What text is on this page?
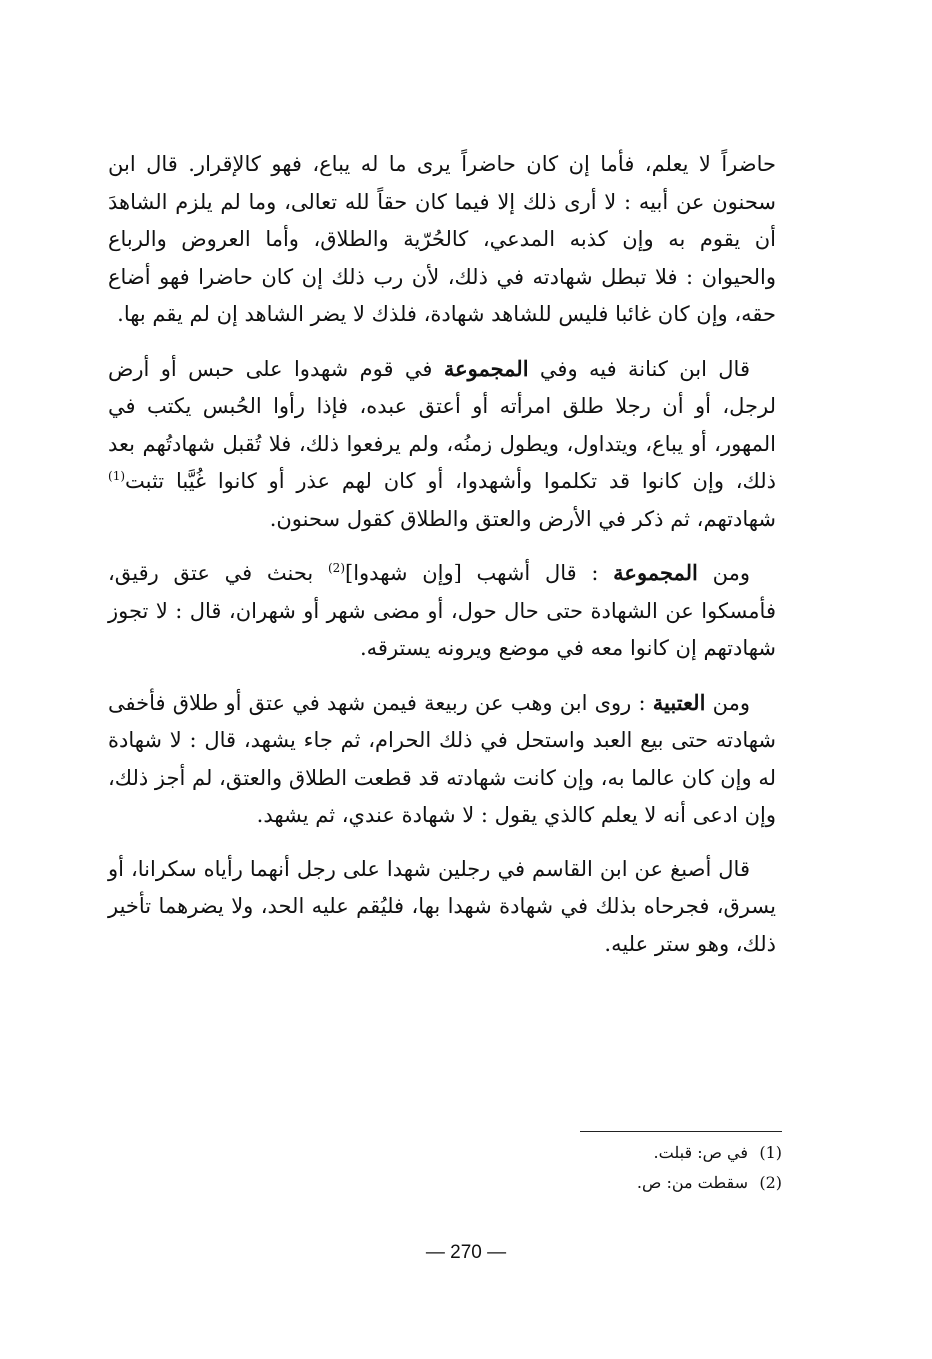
حاضراً لا يعلم، فأما إن كان حاضراً يرى ما له يباع، فهو كالإقرار. قال ابن سحنون عن أبيه : لا أرى ذلك إلا فيما كان حقاً لله تعالى، وما لم يلزم الشاهدَ أن يقوم به وإن كذبه المدعي، كالحُرّية والطلاق، وأما العروض والرباع والحيوان : فلا تبطل شهادته في ذلك، لأن رب ذلك إن كان حاضرا فهو أضاع حقه، وإن كان غائبا فليس للشاهد شهادة، فلذك لا يضر الشاهد إن لم يقم بها.

قال ابن كنانة فيه وفي المجموعة في قوم شهدوا على حبس أو أرض لرجل، أو أن رجلا طلق امرأته أو أعتق عبده، فإذا رأوا الحُبس يكتب في المهور، أو يباع، ويتداول، ويطول زمنُه، ولم يرفعوا ذلك، فلا تُقبل شهادتُهم بعد ذلك، وإن كانوا قد تكلموا وأشهدوا، أو كان لهم عذر أو كانوا غُيَّبا تثبت$^{(1)}$ شهادتهم، ثم ذكر في الأرض والعتق والطلاق كقول سحنون.

ومن المجموعة : قال أشهب [وإن شهدوا]$^{(2)}$ بحنث في عتق رقيق، فأمسكوا عن الشهادة حتى حال حول، أو مضى شهر أو شهران، قال : لا تجوز شهادتهم إن كانوا معه في موضع ويرونه يسترقه.

ومن العتبية : روى ابن وهب عن ربيعة فيمن شهد في عتق أو طلاق فأخفى شهادته حتى بيع العبد واستحل في ذلك الحرام، ثم جاء يشهد، قال : لا شهادة له وإن كان عالما به، وإن كانت شهادته قد قطعت الطلاق والعتق، لم أجز ذلك، وإن ادعى أنه لا يعلم كالذي يقول : لا شهادة عندي، ثم يشهد.

قال أصبغ عن ابن القاسم في رجلين شهدا على رجل أنهما رأياه سكرانا، أو يسرق، فجرحاه بذلك في شهادة شهدا بها، فليُقم عليه الحد، ولا يضرهما تأخير ذلك، وهو ستر عليه.

(1)في ص: قبلت.

(2)سقطت من: ص.

— 270 —
